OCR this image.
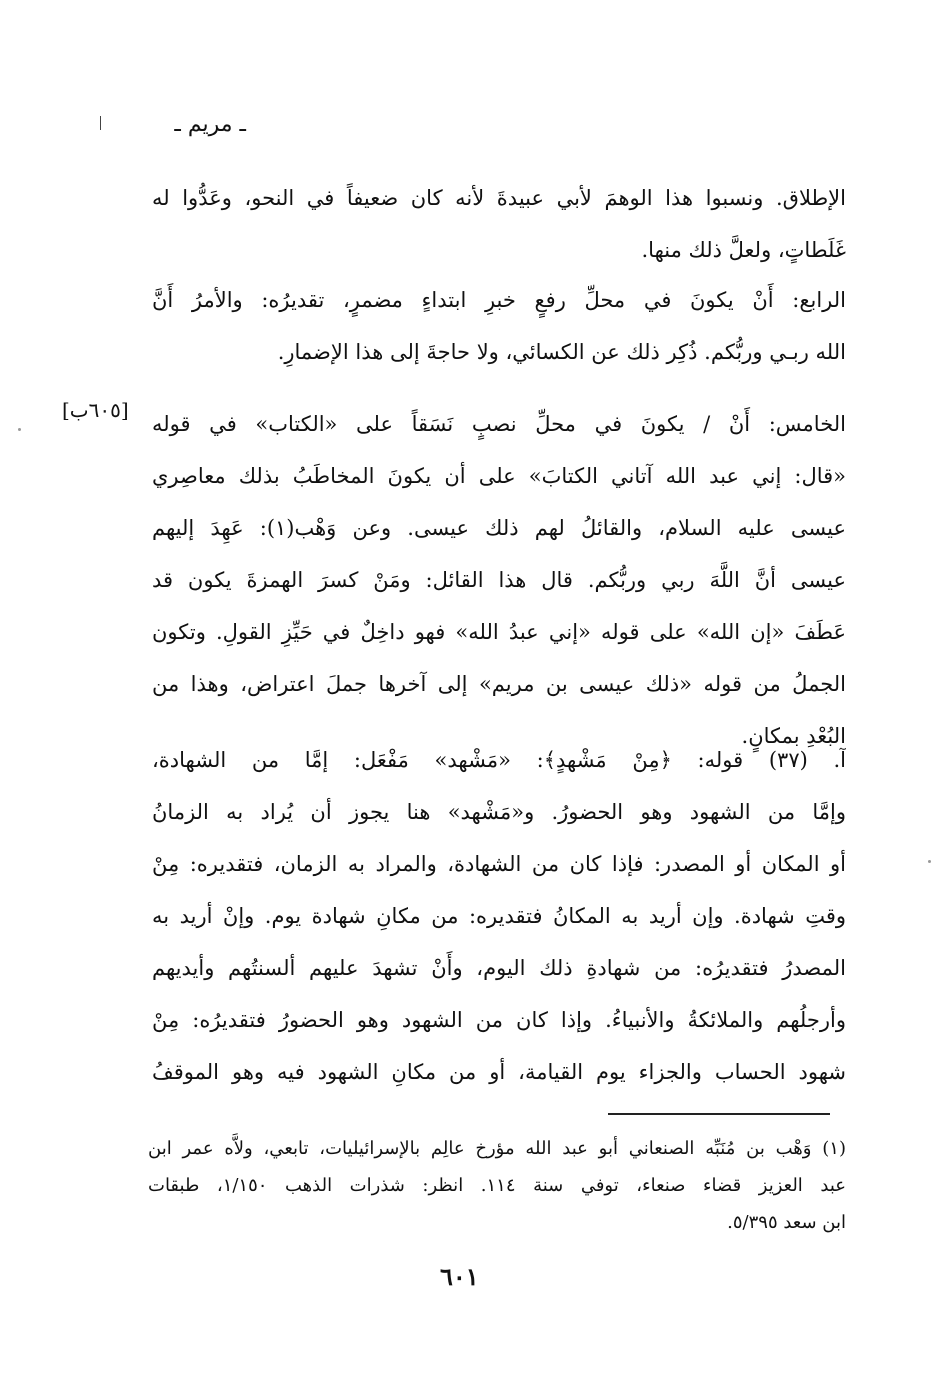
ـ مريم ـ
الإطلاق. ونسبوا هذا الوهمَ لأبي عبيدةَ لأنه كان ضعيفاً في النحو، وعَدُّوا له
غَلَطاتٍ، ولعلَّ ذلك منها.
الرابع: أَنْ يكونَ في محلِّ رفعٍ خبرِ ابتداءٍ مضمرٍ، تقديرُه: والأمرُ أَنَّ
الله ربـي وربُّكم. ذُكِر ذلك عن الكسائي، ولا حاجةَ إلى هذا الإضمارِ.
[٦٠٥ب]
الخامس: أَنْ / يكونَ في محلِّ نصبٍ نَسَقاً على «الكتاب» في قوله
«قال: إني عبد الله آتاني الكتابَ» على أن يكونَ المخاطَبُ بذلك معاصِري
عيسى عليه السلام، والقائلُ لهم ذلك عيسى. وعن وَهْب(١): عَهِدَ إليهم
عيسى أنَّ اللَّهَ ربي وربُّكم. قال هذا القائل: ومَنْ كسرَ الهمزةَ يكون قد
عَطَفَ «إن الله» على قوله «إني عبدُ الله» فهو داخِلٌ في حَيِّزِ القولِ. وتكون
الجملُ من قوله «ذلك عيسى بن مريم» إلى آخرها جملَ اعتراض، وهذا من
البُعْدِ بمكانٍ.
آ. (٣٧) قوله: ﴿مِنْ مَشْهدٍ﴾: «مَشْهد» مَفْعَل: إمَّا من الشهادة،
وإمَّا من الشهود وهو الحضورُ. و«مَشْهد» هنا يجوز أن يُراد به الزمانُ
أو المكان أو المصدر: فإذا كان من الشهادة، والمراد به الزمان، فتقديره: مِنْ
وقتِ شهادة. وإن أريد به المكانُ فتقديره: من مكانِ شهادة يوم. وإنْ أريد به
المصدرُ فتقديرُه: من شهادةِ ذلك اليوم، وأَنْ تشهدَ عليهم ألسنتُهم وأيديهم
وأرجلُهم والملائكةُ والأنبياءُ. وإذا كان من الشهود وهو الحضورُ فتقديرُه: مِنْ
شهود الحساب والجزاء يوم القيامة، أو من مكانِ الشهود فيه وهو الموقفُ
(١) وَهْب بن مُنَبِّه الصنعاني أبو عبد الله مؤرخ عالِم بالإسرائيليات، تابعي، ولاَّه عمر ابن
عبد العزيز قضاء صنعاء، توفي سنة ١١٤. انظر: شذرات الذهب ١/١٥٠، طبقات
ابن سعد ٥/٣٩٥.
٦٠١
